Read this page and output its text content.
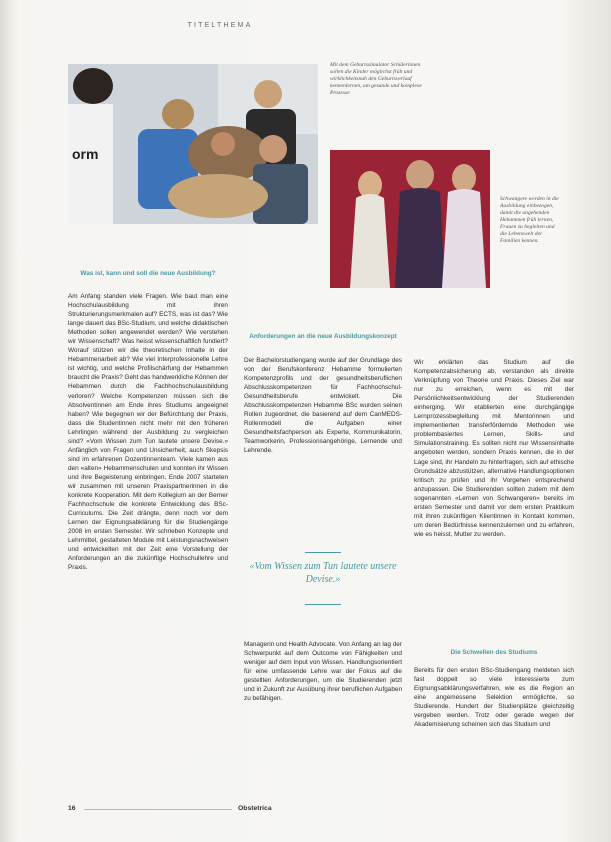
TITELTHEMA
orm
Mit dem Geburtssimulator Schülerinnen sollen die Kinder möglichst früh und wirklichkeitsnah den Geburtsverlauf kennenlernen, um gesunde und komplexe Prozesse
Schwangere werden in die Ausbildung einbezogen, damit die angehenden Hebammen früh lernen, Frauen zu begleiten und die Lebenswelt der Familien kennen.
Was ist, kann und soll die neue Ausbildung?
Am Anfang standen viele Fragen. Wie baut man eine Hochschulausbildung mit ihren Strukturierungsmerkmalen auf? ECTS, was ist das? Wie lange dauert das BSc-Studium, und welche didaktischen Methoden sollen angewendet werden? Wie verstehen wir Wissenschaft? Was heisst wissenschaftlich fundiert? Worauf stützen wir die theoretischen Inhalte in der Hebammenarbeit ab? Wie viel Interprofessionelle Lehre ist wichtig, und welche Profilschärfung der Hebammen braucht die Praxis? Geht das handwerkliche Können der Hebammen durch die Fachhochschulausbildung verloren? Welche Kompetenzen müssen sich die Absolventinnen am Ende ihres Studiums angeeignet haben? Wie begegnen wir der Befürchtung der Praxis, dass die Studentinnen nicht mehr mit den früheren Lehrlingen während der Ausbildung zu vergleichen sind? «Vom Wissen zum Tun lautete unsere Devise.» Anfänglich von Fragen und Unsicherheit, auch Skepsis sind im erfahrenen Dozentinnenteam. Viele kamen aus den «alten» Hebammenschulen und konnten ihr Wissen und ihre Begeisterung einbringen. Ende 2007 starteten wir zusammen mit unseren Praxispartnerinnen in die konkrete Kooperation. Mit dem Kollegium an der Berner Fachhochschule die konkrete Entwicklung des BSc-Curriculums. Die Zeit drängte, denn noch vor dem Lernen der Eignungsabklärung für die Studiengänge 2008 im ersten Semester. Wir schrieben Konzepte und Lehrmittel, gestalteten Module mit Leistungsnachweisen und entwickelten mit der Zeit eine Vorstellung der Anforderungen an die zukünftige Hochschullehre und Praxis.
Anforderungen an die neue Ausbildungskonzept
Der Bachelorstudiengang wurde auf der Grundlage des von der Berufskonferenz Hebamme formulierten Kompetenzprofils und der gesundheitsberuflichen Abschlusskompetenzen für Fachhochschul-Gesundheitsberufe entwickelt. Die Abschlusskompetenzen Hebamme BSc wurden seinen Rollen zugeordnet, die basierend auf dem CanMEDS-Rollenmodell die Aufgaben einer Gesundheitsfachperson als Experte, Kommunikatorin, Teamworkerin, Professionsangehörige, Lernende und Lehrende.
«Vom Wissen zum Tun lautete unsere Devise.»
Managerin und Health Advocate. Von Anfang an lag der Schwerpunkt auf dem Outcome von Fähigkeiten und weniger auf dem Input von Wissen. Handlungsorientiert für eine umfassende Lehre war der Fokus auf die gestellten Anforderungen, um die Studierenden jetzt und in Zukunft zur Ausübung ihrer beruflichen Aufgaben zu befähigen.
Wir erklärten das Studium auf die Kompetenzabsicherung ab, verstanden als direkte Verknüpfung von Theorie und Praxis. Dieses Ziel war nur zu erreichen, wenn es mit der Persönlichkeitsentwicklung der Studierenden einherging. Wir etablierten eine durchgängige Lernprozessbegleitung mit Mentorinnen und implementierten transferfördernde Methoden wie problembasiertes Lernen, Skills- und Simulationstraining. Es sollten nicht nur Wissensinhalte angeboten werden, sondern Praxis kennen, die in der Lage sind, ihr Handeln zu hinterfragen, sich auf ethische Grundsätze abzustützen, alternative Handlungsoptionen kritisch zu prüfen und ihr Vorgehen entsprechend anzupassen. Die Studierenden sollten zudem mit dem sogenannten «Lernen von Schwangeren» bereits im ersten Semester und damit vor dem ersten Praktikum mit ihren zukünftigen Klientinnen in Kontakt kommen, um deren Bedürfnisse kennenzulernen und zu erfahren, wie es heisst, Mutter zu werden.
Die Schwellen des Studiums
Bereits für den ersten BSc-Studiengang meldeten sich fast doppelt so viele Interessierte zum Eignungsabklärungsverfahren, wie es die Region an eine angemessene Selektion ermöglichte, so Studierende. Hundert der Studienplätze gleichzeitig vergeben werden. Trotz oder gerade wegen der Akademisierung scheinen sich das Studium und
16	Obstetrica
